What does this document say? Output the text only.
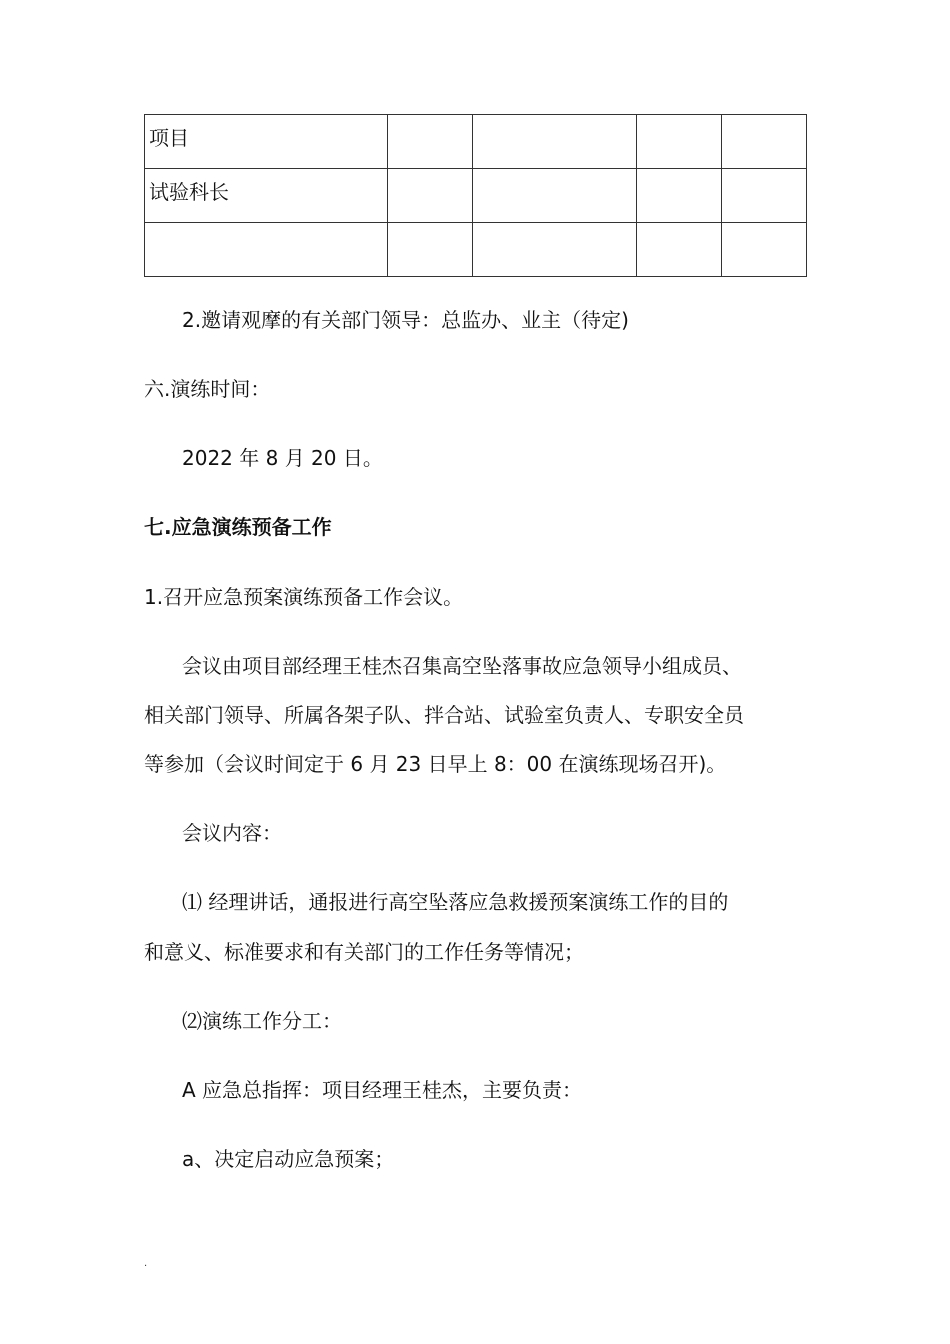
项目				
试验科长				

2.邀请观摩的有关部门领导：总监办、业主（待定)
六.演练时间：
2022 年 8 月 20 日。
七.应急演练预备工作
1.召开应急预案演练预备工作会议。
会议由项目部经理王桂杰召集高空坠落事故应急领导小组成员、
相关部门领导、所属各架子队、拌合站、试验室负责人、专职安全员
等参加（会议时间定于 6 月 23 日早上 8：00 在演练现场召开)。
会议内容：
⑴ 经理讲话，通报进行高空坠落应急救援预案演练工作的目的
和意义、标准要求和有关部门的工作任务等情况；
⑵演练工作分工：
A 应急总指挥：项目经理王桂杰，主要负责：
a、决定启动应急预案；
.
